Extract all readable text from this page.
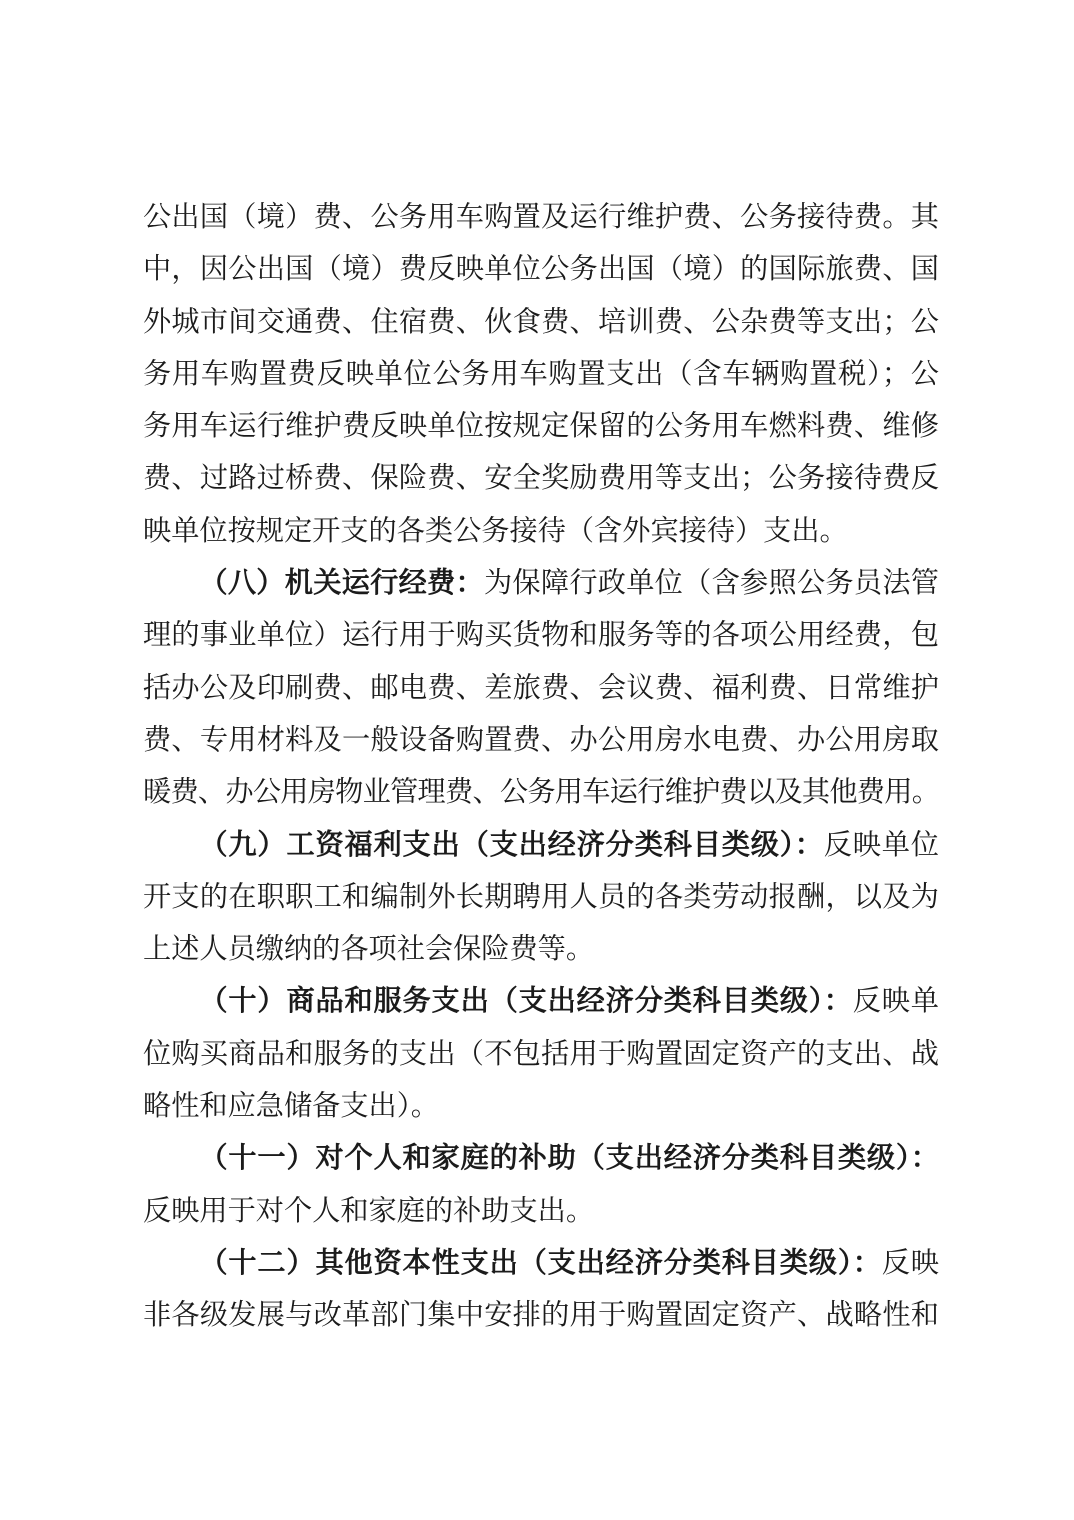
公出国（境）费、公务用车购置及运行维护费、公务接待费。其
中，因公出国（境）费反映单位公务出国（境）的国际旅费、国
外城市间交通费、住宿费、伙食费、培训费、公杂费等支出；公
务用车购置费反映单位公务用车购置支出（含车辆购置税）；公
务用车运行维护费反映单位按规定保留的公务用车燃料费、维修
费、过路过桥费、保险费、安全奖励费用等支出；公务接待费反
映单位按规定开支的各类公务接待（含外宾接待）支出。
（八）机关运行经费：为保障行政单位（含参照公务员法管
理的事业单位）运行用于购买货物和服务等的各项公用经费，包
括办公及印刷费、邮电费、差旅费、会议费、福利费、日常维护
费、专用材料及一般设备购置费、办公用房水电费、办公用房取
暖费、办公用房物业管理费、公务用车运行维护费以及其他费用。
（九）工资福利支出（支出经济分类科目类级）：反映单位
开支的在职职工和编制外长期聘用人员的各类劳动报酬，以及为
上述人员缴纳的各项社会保险费等。
（十）商品和服务支出（支出经济分类科目类级）：反映单
位购买商品和服务的支出（不包括用于购置固定资产的支出、战
略性和应急储备支出）。
（十一）对个人和家庭的补助（支出经济分类科目类级）：
反映用于对个人和家庭的补助支出。
（十二）其他资本性支出（支出经济分类科目类级）：反映
非各级发展与改革部门集中安排的用于购置固定资产、战略性和
